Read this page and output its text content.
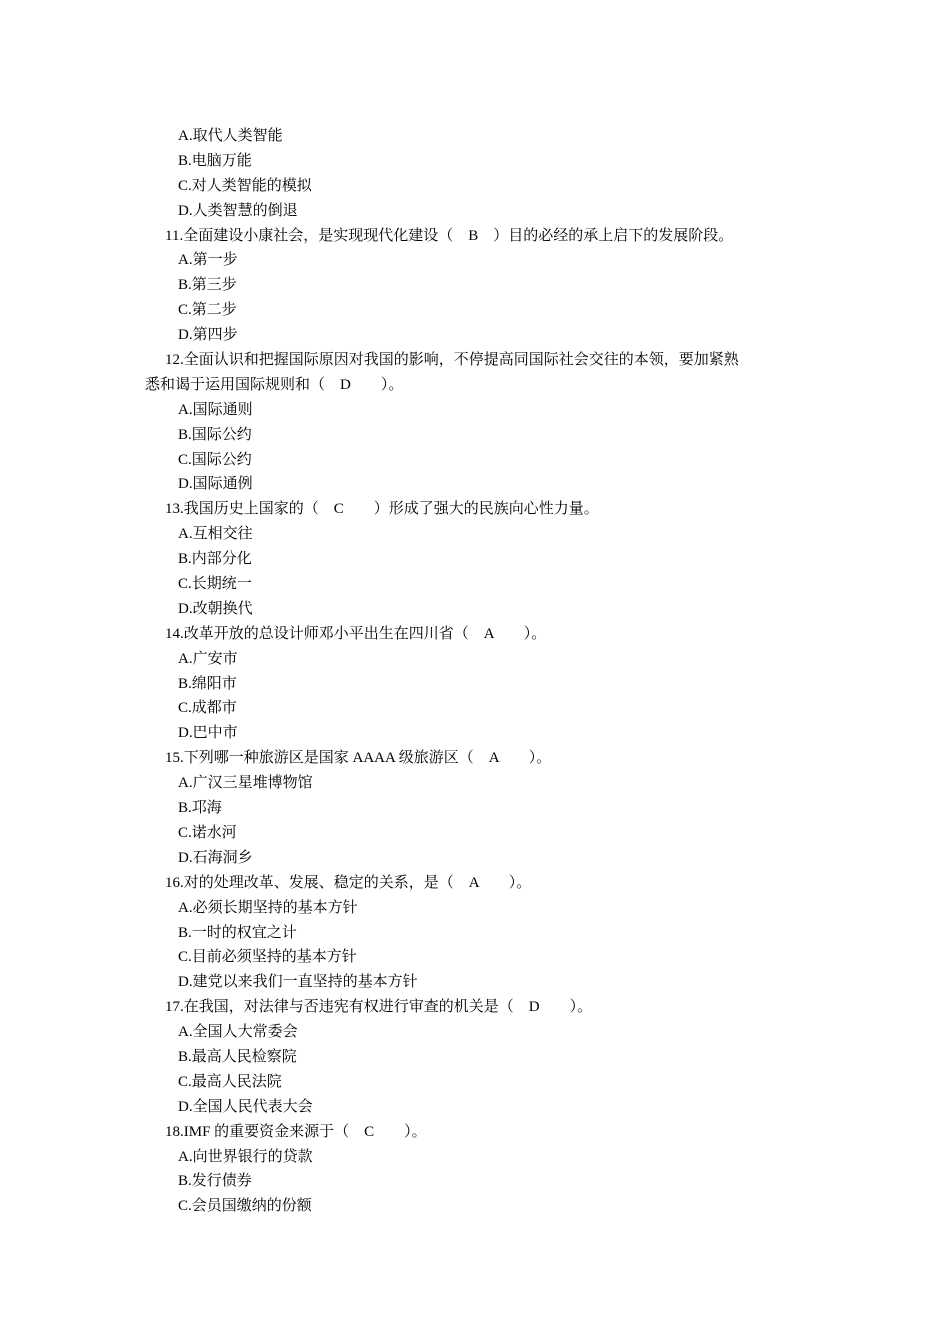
A.取代人类智能
B.电脑万能
C.对人类智能的模拟
D.人类智慧的倒退
11.全面建设小康社会，是实现现代化建设（    B    ）目的必经的承上启下的发展阶段。
A.第一步
B.第三步
C.第二步
D.第四步
12.全面认识和把握国际原因对我国的影响，不停提高同国际社会交往的本领，要加紧熟
悉和谒于运用国际规则和（    D        ）。
A.国际通则
B.国际公约
C.国际公约
D.国际通例
13.我国历史上国家的（    C        ）形成了强大的民族向心性力量。
A.互相交往
B.内部分化
C.长期统一
D.改朝换代
14.改革开放的总设计师邓小平出生在四川省（    A        ）。
A.广安市
B.绵阳市
C.成都市
D.巴中市
15.下列哪一种旅游区是国家 AAAA 级旅游区（    A        ）。
A.广汉三星堆博物馆
B.邛海
C.诺水河
D.石海洞乡
16.对的处理改革、发展、稳定的关系，是（    A        ）。
A.必须长期坚持的基本方针
B.一时的权宜之计
C.目前必须坚持的基本方针
D.建党以来我们一直坚持的基本方针
17.在我国，对法律与否违宪有权进行审查的机关是（    D        ）。
A.全国人大常委会
B.最高人民检察院
C.最高人民法院
D.全国人民代表大会
18.IMF 的重要资金来源于（    C        ）。
A.向世界银行的贷款
B.发行债券
C.会员国缴纳的份额
